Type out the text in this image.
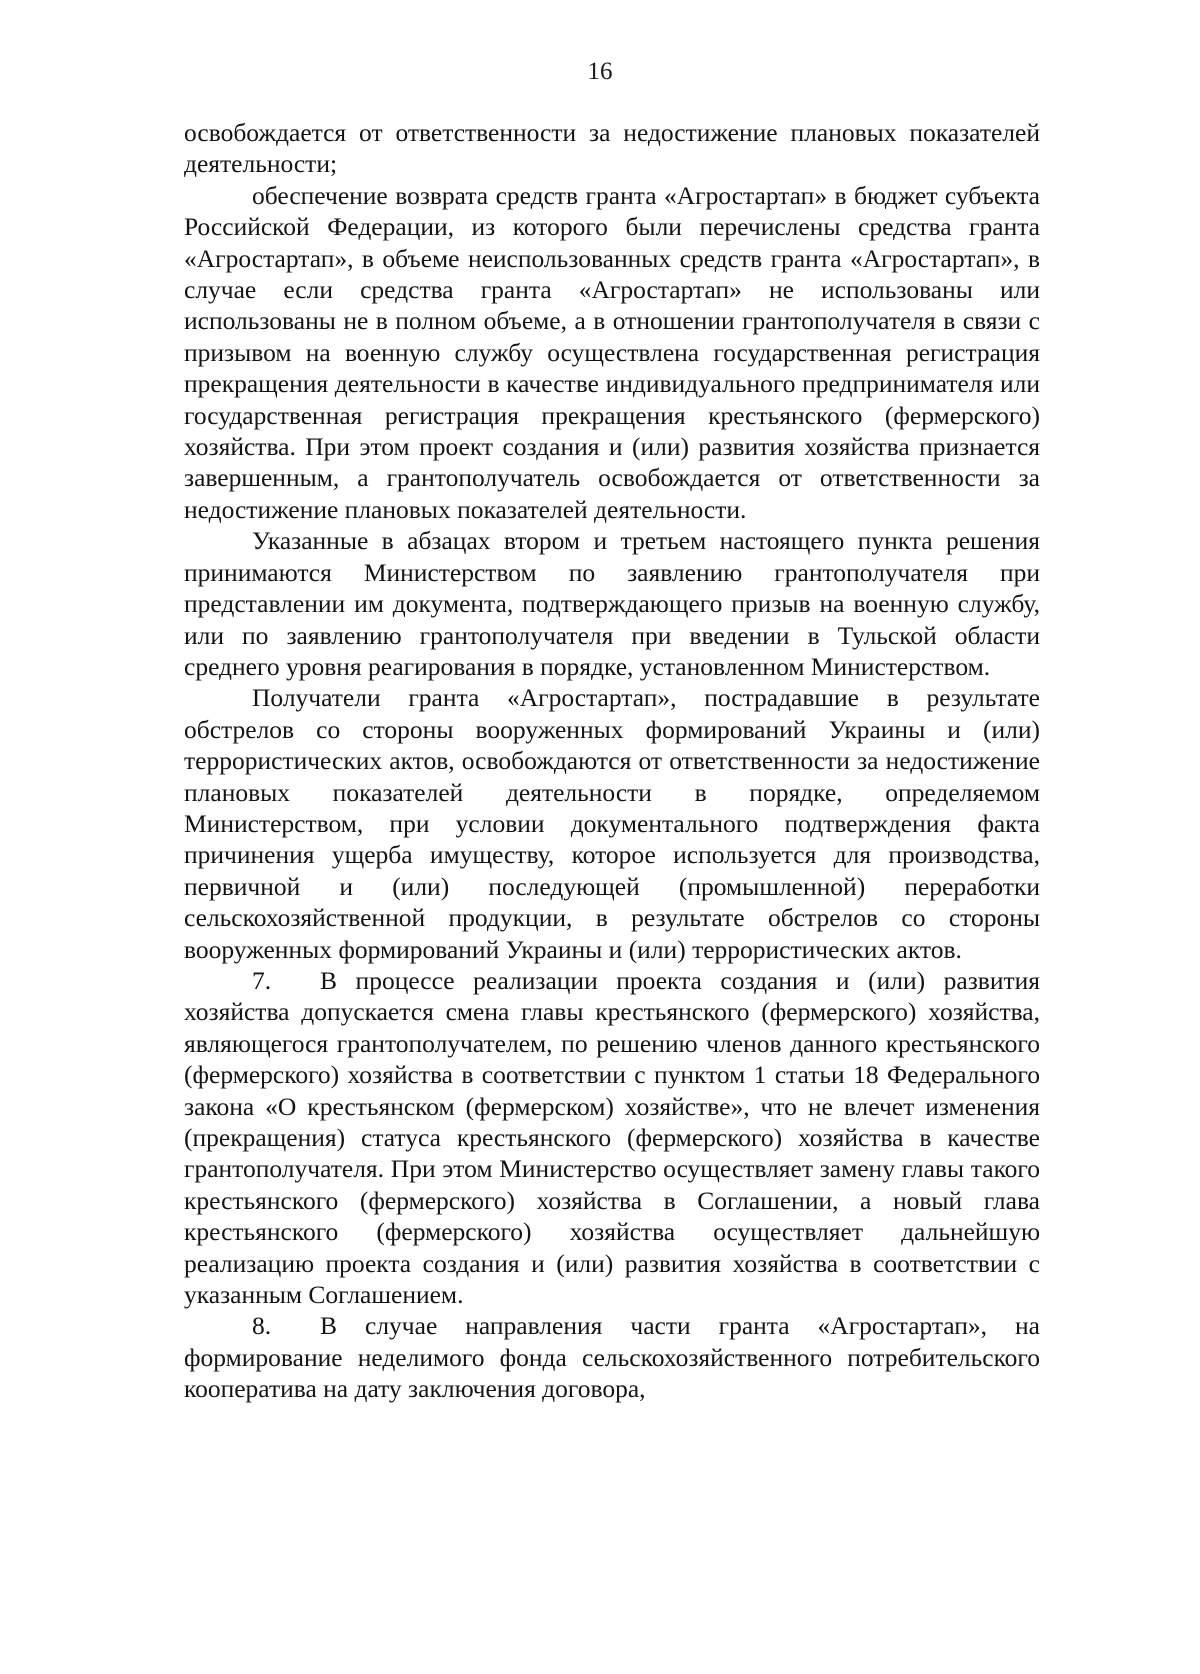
16

освобождается от ответственности за недостижение плановых показателей деятельности;

обеспечение возврата средств гранта «Агростартап» в бюджет субъекта Российской Федерации, из которого были перечислены средства гранта «Агростартап», в объеме неиспользованных средств гранта «Агростартап», в случае если средства гранта «Агростартап» не использованы или использованы не в полном объеме, а в отношении грантополучателя в связи с призывом на военную службу осуществлена государственная регистрация прекращения деятельности в качестве индивидуального предпринимателя или государственная регистрация прекращения крестьянского (фермерского) хозяйства. При этом проект создания и (или) развития хозяйства признается завершенным, а грантополучатель освобождается от ответственности за недостижение плановых показателей деятельности.

Указанные в абзацах втором и третьем настоящего пункта решения принимаются Министерством по заявлению грантополучателя при представлении им документа, подтверждающего призыв на военную службу, или по заявлению грантополучателя при введении в Тульской области среднего уровня реагирования в порядке, установленном Министерством.

Получатели гранта «Агростартап», пострадавшие в результате обстрелов со стороны вооруженных формирований Украины и (или) террористических актов, освобождаются от ответственности за недостижение плановых показателей деятельности в порядке, определяемом Министерством, при условии документального подтверждения факта причинения ущерба имуществу, которое используется для производства, первичной и (или) последующей (промышленной) переработки сельскохозяйственной продукции, в результате обстрелов со стороны вооруженных формирований Украины и (или) террористических актов.

7. В процессе реализации проекта создания и (или) развития хозяйства допускается смена главы крестьянского (фермерского) хозяйства, являющегося грантополучателем, по решению членов данного крестьянского (фермерского) хозяйства в соответствии с пунктом 1 статьи 18 Федерального закона «О крестьянском (фермерском) хозяйстве», что не влечет изменения (прекращения) статуса крестьянского (фермерского) хозяйства в качестве грантополучателя. При этом Министерство осуществляет замену главы такого крестьянского (фермерского) хозяйства в Соглашении, а новый глава крестьянского (фермерского) хозяйства осуществляет дальнейшую реализацию проекта создания и (или) развития хозяйства в соответствии с указанным Соглашением.

8. В случае направления части гранта «Агростартап», на формирование неделимого фонда сельскохозяйственного потребительского кооператива на дату заключения договора,
